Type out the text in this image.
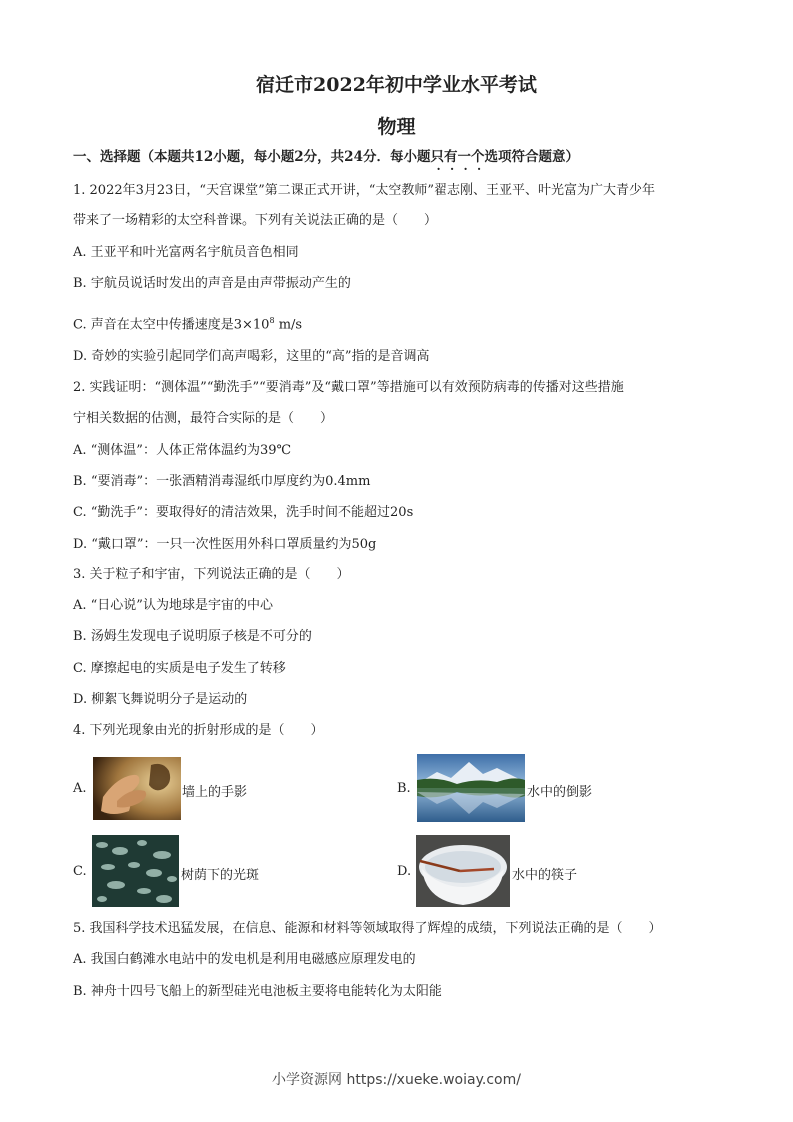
宿迁市2022年初中学业水平考试
物理
一、选择题（本题共12小题，每小题2分，共24分．每小题只有一个选项符合题意）
1. 2022年3月23日，“天宫课堂”第二课正式开讲，“太空教师”翟志刚、王亚平、叶光富为广大青少年
带来了一场精彩的太空科普课。下列有关说法正确的是（　　）
A. 王亚平和叶光富两名宇航员音色相同
B. 宇航员说话时发出的声音是由声带振动产生的
C. 声音在太空中传播速度是$3\times 10^8$ m/s
D. 奇妙的实验引起同学们高声喝彩，这里的“高”指的是音调高
2. 实践证明：“测体温”“勤洗手”“要消毒”及“戴口罩”等措施可以有效预防病毒的传播对这些措施
宁相关数据的估测，最符合实际的是（　　）
A. “测体温”：人体正常体温约为39℃
B. “要消毒”：一张酒精消毒湿纸巾厚度约为0.4mm
C. “勤洗手”：要取得好的清洁效果，洗手时间不能超过20s
D. “戴口罩”：一只一次性医用外科口罩质量约为50g
3. 关于粒子和宇宙，下列说法正确的是（　　）
A. “日心说”认为地球是宇宙的中心
B. 汤姆生发现电子说明原子核是不可分的
C. 摩擦起电的实质是电子发生了转移
D. 柳絮飞舞说明分子是运动的
4. 下列光现象由光的折射形成的是（　　）
A.	墙上的手影	B.	水中的倒影
C.	树荫下的光斑	D.	水中的筷子
5. 我国科学技术迅猛发展，在信息、能源和材料等领域取得了辉煌的成绩，下列说法正确的是（　　）
A. 我国白鹤滩水电站中的发电机是利用电磁感应原理发电的
B. 神舟十四号飞船上的新型硅光电池板主要将电能转化为太阳能
小学资源网 https://xueke.woiay.com/
